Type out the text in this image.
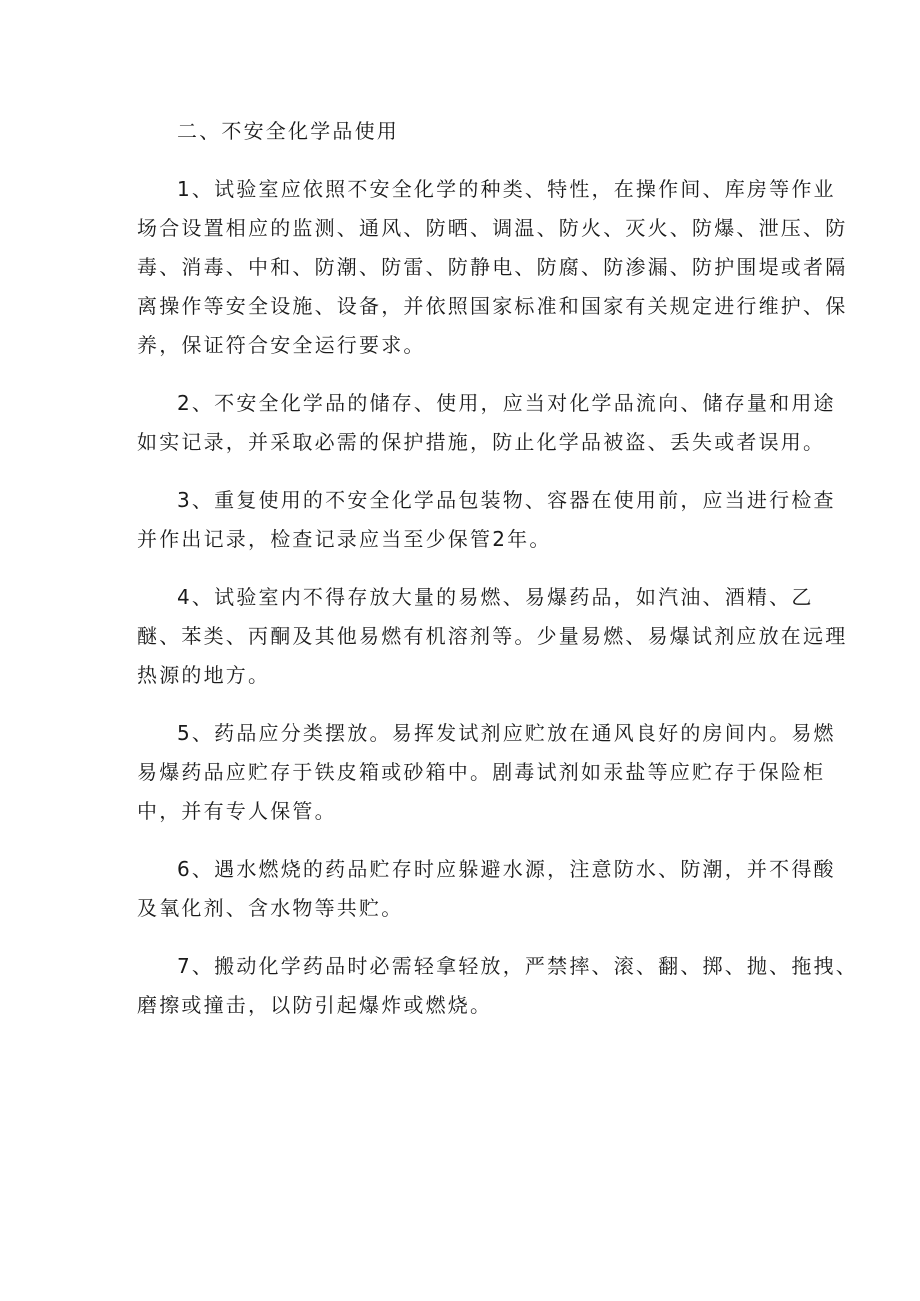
二、不安全化学品使用

1、试验室应依照不安全化学的种类、特性，在操作间、库房等作业
场合设置相应的监测、通风、防晒、调温、防火、灭火、防爆、泄压、防
毒、消毒、中和、防潮、防雷、防静电、防腐、防渗漏、防护围堤或者隔
离操作等安全设施、设备，并依照国家标准和国家有关规定进行维护、保
养，保证符合安全运行要求。

2、不安全化学品的储存、使用，应当对化学品流向、储存量和用途
如实记录，并采取必需的保护措施，防止化学品被盗、丢失或者误用。

3、重复使用的不安全化学品包装物、容器在使用前，应当进行检查
并作出记录，检查记录应当至少保管2年。

4、试验室内不得存放大量的易燃、易爆药品，如汽油、酒精、乙
醚、苯类、丙酮及其他易燃有机溶剂等。少量易燃、易爆试剂应放在远理
热源的地方。

5、药品应分类摆放。易挥发试剂应贮放在通风良好的房间内。易燃
易爆药品应贮存于铁皮箱或砂箱中。剧毒试剂如汞盐等应贮存于保险柜
中，并有专人保管。

6、遇水燃烧的药品贮存时应躲避水源，注意防水、防潮，并不得酸
及氧化剂、含水物等共贮。

7、搬动化学药品时必需轻拿轻放，严禁摔、滚、翻、掷、抛、拖拽、
磨擦或撞击，以防引起爆炸或燃烧。
